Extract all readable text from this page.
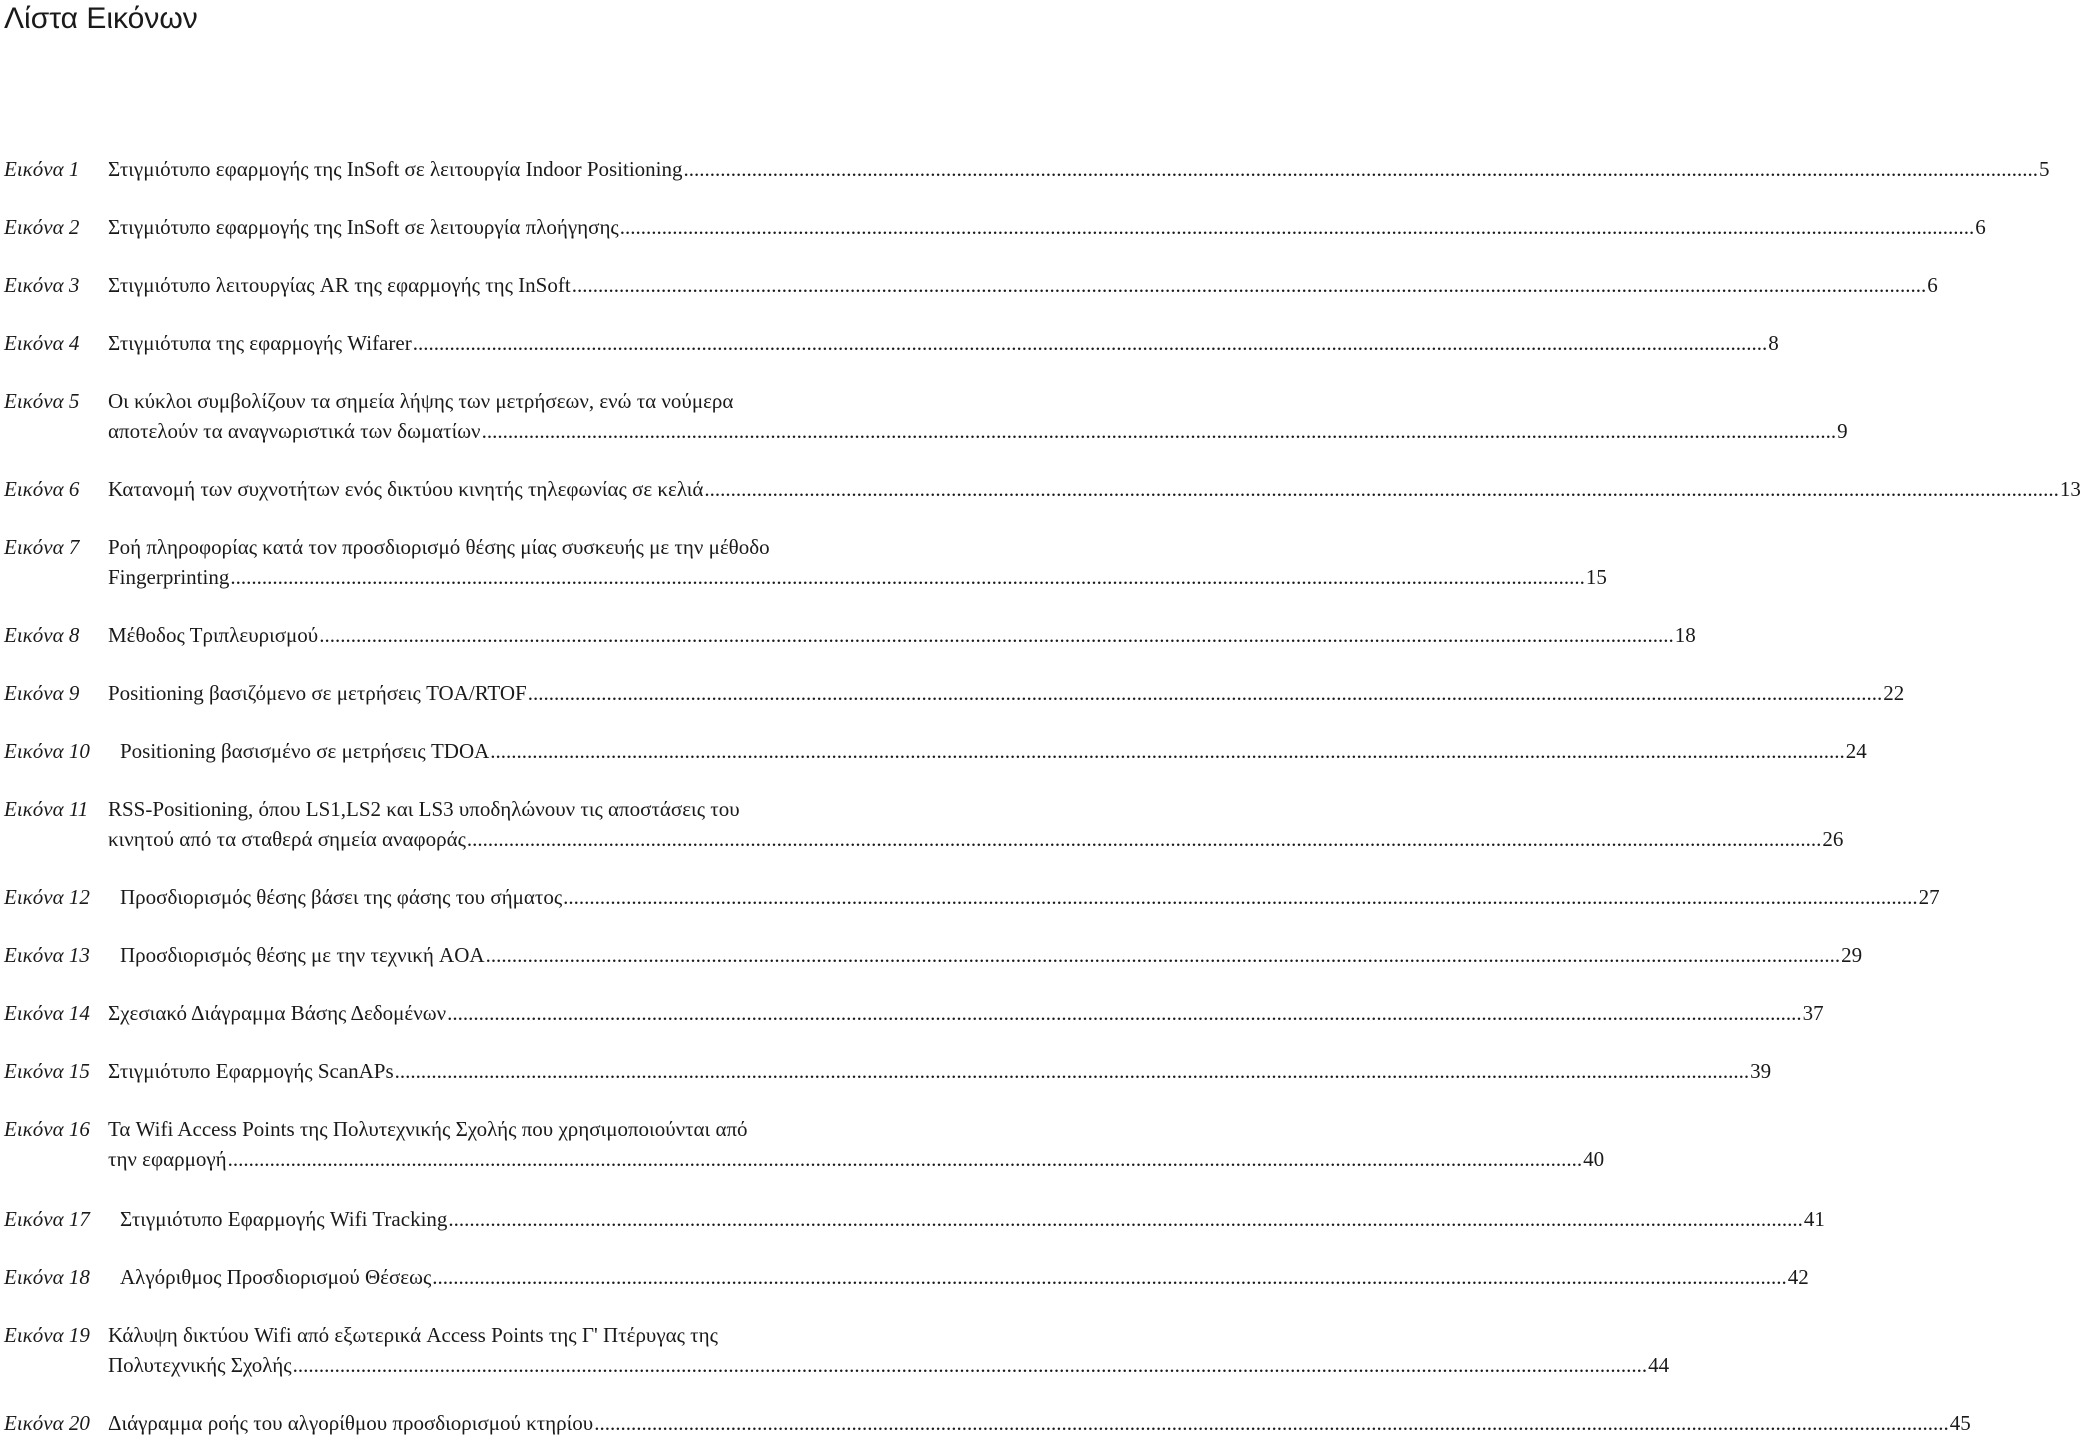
Λίστα Εικόνων
Εικόνα 1	Στιγμιότυπο εφαρμογής της InSoft σε λειτουργία Indoor Positioning .....	5
Εικόνα 2	Στιγμιότυπο εφαρμογής της InSoft σε λειτουργία πλοήγησης .....	6
Εικόνα 3	Στιγμιότυπο λειτουργίας AR της εφαρμογής της InSoft .....	6
Εικόνα 4	Στιγμιότυπα της εφαρμογής Wifarer .....	8
Εικόνα 5	Οι κύκλοι συμβολίζουν τα σημεία λήψης των μετρήσεων, ενώ τα νούμερα
αποτελούν τα αναγνωριστικά των δωματίων .....	9
Εικόνα 6	Κατανομή των συχνοτήτων ενός δικτύου κινητής τηλεφωνίας σε κελιά .....	13
Εικόνα 7	Ροή πληροφορίας κατά τον προσδιορισμό θέσης μίας συσκευής με την μέθοδο
Fingerprinting .....	15
Εικόνα 8	Μέθοδος Τριπλευρισμού .....	18
Εικόνα 9	Positioning βασιζόμενο σε μετρήσεις TOA/RTOF .....	22
Εικόνα 10	Positioning βασισμένο σε μετρήσεις TDOA .....	24
Εικόνα 11 RSS-Positioning, όπου LS1,LS2 και LS3 υποδηλώνουν τις αποστάσεις του
κινητού από τα σταθερά σημεία αναφοράς .....	26
Εικόνα 12	Προσδιορισμός θέσης βάσει της φάσης του σήματος .....	27
Εικόνα 13	Προσδιορισμός θέσης με την τεχνική AOA .....	29
Εικόνα 14 Σχεσιακό Διάγραμμα Βάσης Δεδομένων .....	37
Εικόνα 15 Στιγμιότυπο Εφαρμογής ScanAPs .....	39
Εικόνα 16 Τα Wifi Access Points της Πολυτεχνικής Σχολής που χρησιμοποιούνται από
την εφαρμογή .....	40
Εικόνα 17	Στιγμιότυπο Εφαρμογής Wifi Tracking .....	41
Εικόνα 18	Αλγόριθμος Προσδιορισμού Θέσεως .....	42
Εικόνα 19 Κάλυψη δικτύου Wifi από εξωτερικά Access Points της Γ' Πτέρυγας της
Πολυτεχνικής Σχολής .....	44
Εικόνα 20 Διάγραμμα ροής του αλγορίθμου προσδιορισμού κτηρίου .....	45
